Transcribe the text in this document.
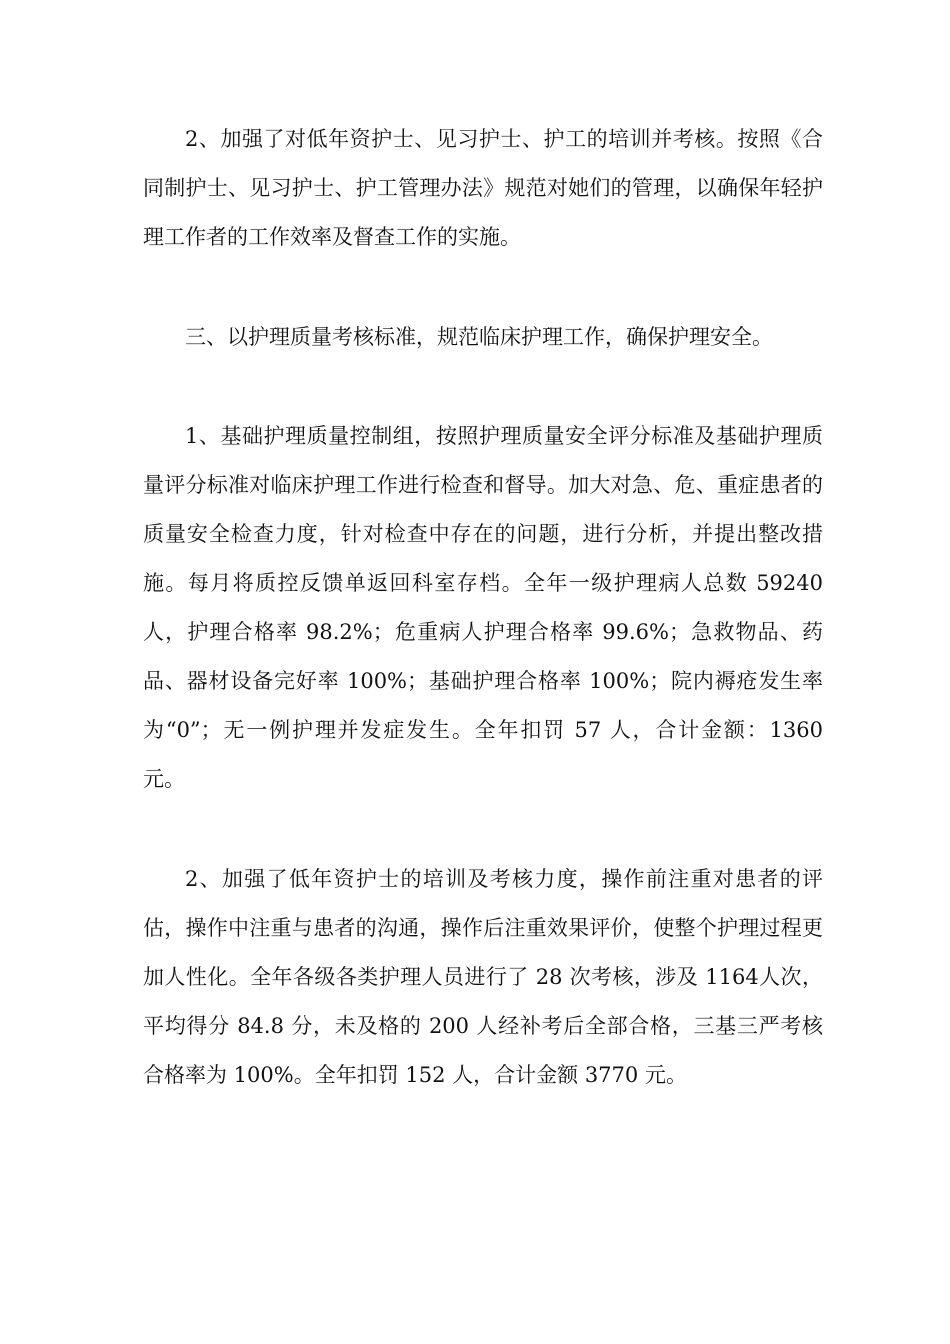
2、加强了对低年资护士、见习护士、护工的培训并考核。按照《合同制护士、见习护士、护工管理办法》规范对她们的管理，以确保年轻护理工作者的工作效率及督查工作的实施。

三、以护理质量考核标准，规范临床护理工作，确保护理安全。

1、基础护理质量控制组，按照护理质量安全评分标准及基础护理质量评分标准对临床护理工作进行检查和督导。加大对急、危、重症患者的质量安全检查力度，针对检查中存在的问题，进行分析，并提出整改措施。每月将质控反馈单返回科室存档。全年一级护理病人总数 59240 人，护理合格率 98.2%；危重病人护理合格率 99.6%；急救物品、药品、器材设备完好率 100%；基础护理合格率 100%；院内褥疮发生率为“0”；无一例护理并发症发生。全年扣罚 57 人，合计金额：1360 元。

2、加强了低年资护士的培训及考核力度，操作前注重对患者的评估，操作中注重与患者的沟通，操作后注重效果评价，使整个护理过程更加人性化。全年各级各类护理人员进行了 28 次考核，涉及 1164人次，平均得分 84.8 分，未及格的 200 人经补考后全部合格，三基三严考核合格率为 100%。全年扣罚 152 人，合计金额 3770 元。
